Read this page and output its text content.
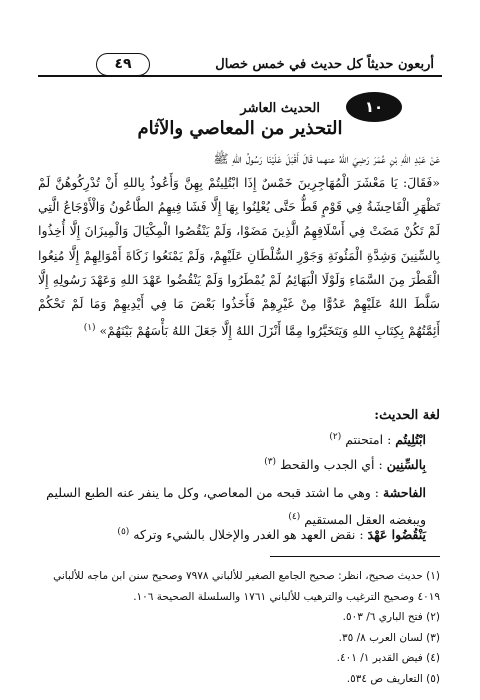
أربعون حديثاً كل حديث في خمس خصال
٤٩
١٠
الحديث العاشر
التحذير من المعاصي والآثام
عَنْ عَبْدِ اللهِ بْنِ عُمَرَ رَضِيَ اللهُ عنهما قَالَ أَقْبَلَ عَلَيْنَا رَسُولُ اللهِ ﷺ
«فَقَالَ: يَا مَعْشَرَ الْمُهَاجِرِينَ خَمْسٌ إِذَا ابْتُلِيتُمْ بِهِنَّ وَأَعُوذُ بِاللهِ أَنْ تُدْرِكُوهُنَّ لَمْ تَظْهَرِ الْفَاحِشَةُ فِي قَوْمٍ قَطُّ حَتَّى يُعْلِنُوا بِهَا إِلَّا فَشَا فِيهِمُ الطَّاعُونُ وَالْأَوْجَاعُ الَّتِي لَمْ تَكُنْ مَضَتْ فِي أَسْلَافِهِمُ الَّذِينَ مَضَوْا، وَلَمْ يَنْقُصُوا الْمِكْيَالَ وَالْمِيزَانَ إِلَّا أُخِذُوا بِالسِّنِينَ وَشِدَّةِ الْمَئُونَةِ وَجَوْرِ السُّلْطَانِ عَلَيْهِمْ، وَلَمْ يَمْنَعُوا زَكَاةَ أَمْوَالِهِمْ إِلَّا مُنِعُوا الْقَطْرَ مِنَ السَّمَاءِ وَلَوْلَا الْبَهَائِمُ لَمْ يُمْطَرُوا وَلَمْ يَنْقُضُوا عَهْدَ اللهِ وَعَهْدَ رَسُولِهِ إِلَّا سَلَّطَ اللهُ عَلَيْهِمْ عَدُوًّا مِنْ غَيْرِهِمْ فَأَخَذُوا بَعْضَ مَا فِي أَيْدِيهِمْ وَمَا لَمْ تَحْكُمْ أَئِمَّتُهُمْ بِكِتَابِ اللهِ وَيَتَخَيَّرُوا مِمَّا أَنْزَلَ اللهُ إِلَّا جَعَلَ اللهُ بَأْسَهُمْ بَيْنَهُمْ» $^{(١)}$
لغة الحديث:
ابْتُلِيتُم : امتحنتم $^{(٢)}$
بِالسِّنِين : أي الجدب والقحط $^{(٣)}$
الفاحشة : وهي ما اشتد قبحه من المعاصي، وكل ما ينفر عنه الطبع السليم ويبغضه العقل المستقيم $^{(٤)}$
يَنْقُضُوا عَهْدَ : نقض العهد هو الغدر والإخلال بالشيء وتركه $^{(٥)}$
(١) حديث صحيح، انظر: صحيح الجامع الصغير للألباني ٧٩٧٨ وصحيح سنن ابن ماجه للألباني ٤٠١٩ وصحيح الترغيب والترهيب للألباني ١٧٦١ والسلسلة الصحيحة ١٠٦.
(٢) فتح الباري ٦/ ٥٠٣.
(٣) لسان العرب ٨/ ٣٥.
(٤) فيض القدير ١/ ٤٠١.
(٥) التعاريف ص ٥٣٤.
